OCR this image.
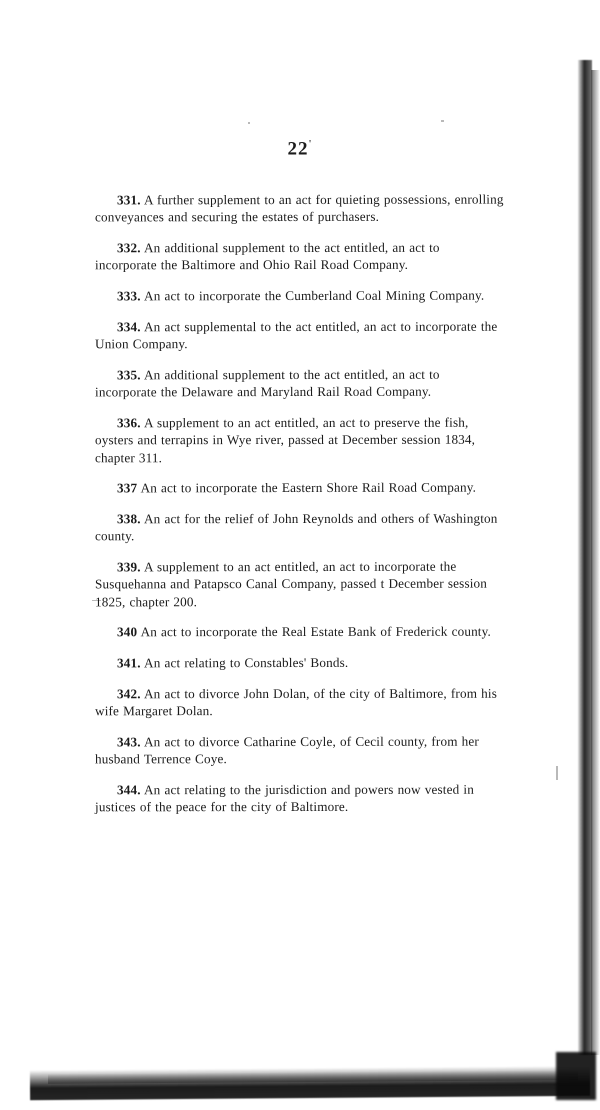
22'

331. A further supplement to an act for quieting possessions, enrolling conveyances and securing the estates of purchasers.

332. An additional supplement to the act entitled, an act to incorporate the Baltimore and Ohio Rail Road Company.

333. An act to incorporate the Cumberland Coal Mining Company.

334. An act supplemental to the act entitled, an act to incorporate the Union Company.

335. An additional supplement to the act entitled, an act to incorporate the Delaware and Maryland Rail Road Company.

336. A supplement to an act entitled, an act to preserve the fish, oysters and terrapins in Wye river, passed at December session 1834, chapter 311.

337 An act to incorporate the Eastern Shore Rail Road Company.

338. An act for the relief of John Reynolds and others of Washington county.

339. A supplement to an act entitled, an act to incorporate the Susquehanna and Patapsco Canal Company, passed t December session 1825, chapter 200.

340 An act to incorporate the Real Estate Bank of Frederick county.

341. An act relating to Constables' Bonds.

342. An act to divorce John Dolan, of the city of Baltimore, from his wife Margaret Dolan.

343. An act to divorce Catharine Coyle, of Cecil county, from her husband Terrence Coye.

344. An act relating to the jurisdiction and powers now vested in justices of the peace for the city of Baltimore.
